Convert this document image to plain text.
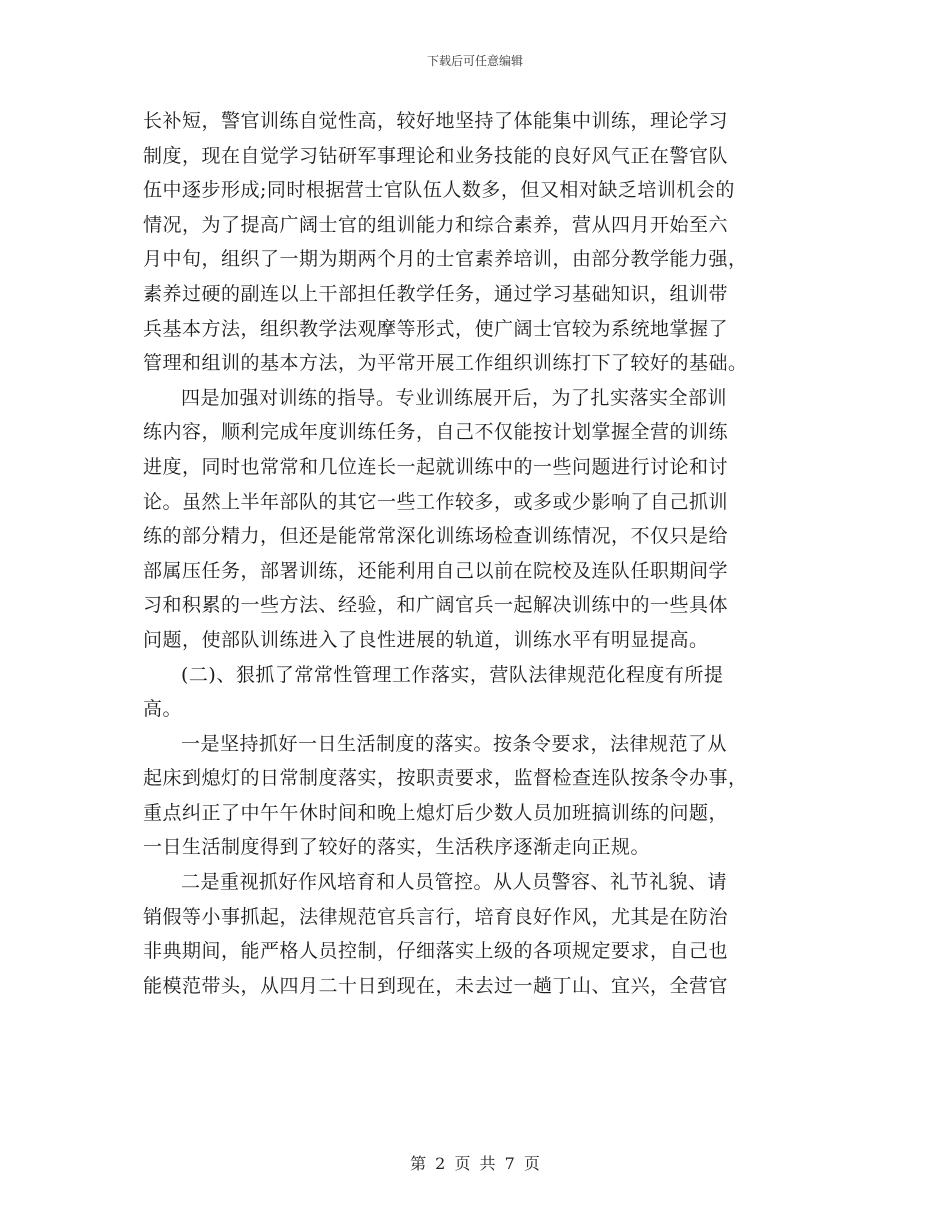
下载后可任意编辑
长补短，警官训练自觉性高，较好地坚持了体能集中训练，理论学习
制度，现在自觉学习钻研军事理论和业务技能的良好风气正在警官队
伍中逐步形成;同时根据营士官队伍人数多，但又相对缺乏培训机会的
情况，为了提高广阔士官的组训能力和综合素养，营从四月开始至六
月中旬，组织了一期为期两个月的士官素养培训，由部分教学能力强，
素养过硬的副连以上干部担任教学任务，通过学习基础知识，组训带
兵基本方法，组织教学法观摩等形式，使广阔士官较为系统地掌握了
管理和组训的基本方法，为平常开展工作组织训练打下了较好的基础。
四是加强对训练的指导。专业训练展开后，为了扎实落实全部训
练内容，顺利完成年度训练任务，自己不仅能按计划掌握全营的训练
进度，同时也常常和几位连长一起就训练中的一些问题进行讨论和讨
论。虽然上半年部队的其它一些工作较多，或多或少影响了自己抓训
练的部分精力，但还是能常常深化训练场检查训练情况，不仅只是给
部属压任务，部署训练，还能利用自己以前在院校及连队任职期间学
习和积累的一些方法、经验，和广阔官兵一起解决训练中的一些具体
问题，使部队训练进入了良性进展的轨道，训练水平有明显提高。
(二)、狠抓了常常性管理工作落实，营队法律规范化程度有所提
高。
一是坚持抓好一日生活制度的落实。按条令要求，法律规范了从
起床到熄灯的日常制度落实，按职责要求，监督检查连队按条令办事，
重点纠正了中午午休时间和晚上熄灯后少数人员加班搞训练的问题，
一日生活制度得到了较好的落实，生活秩序逐渐走向正规。
二是重视抓好作风培育和人员管控。从人员警容、礼节礼貌、请
销假等小事抓起，法律规范官兵言行，培育良好作风，尤其是在防治
非典期间，能严格人员控制，仔细落实上级的各项规定要求，自己也
能模范带头，从四月二十日到现在，未去过一趟丁山、宜兴，全营官
第 2 页 共 7 页
